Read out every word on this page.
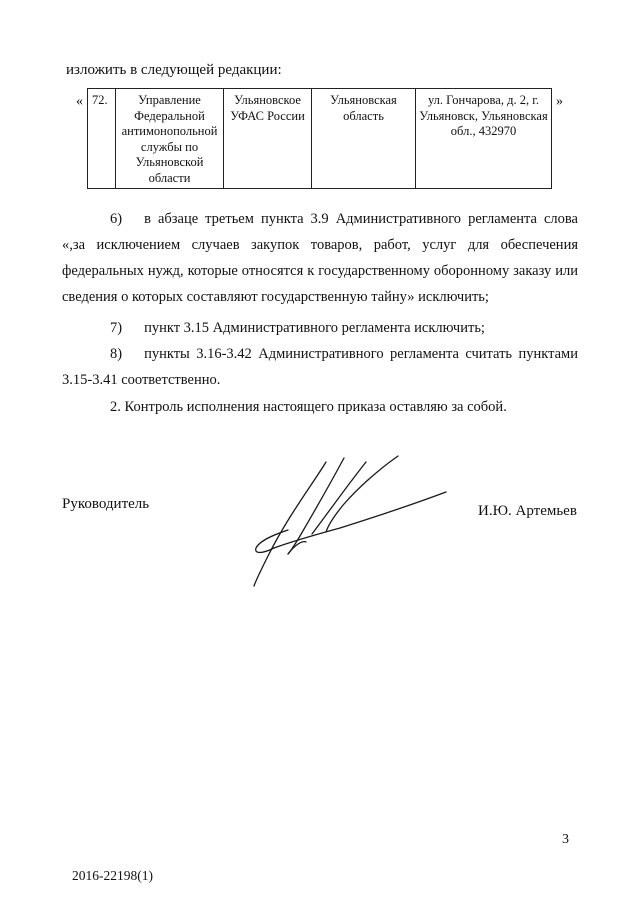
изложить в следующей редакции:
« 72.	Управление Федеральной антимонопольной службы по Ульяновской области	Ульяновское УФАС России	Ульяновская область	ул. Гончарова, д. 2, г. Ульяновск, Ульяновская обл., 432970
»
6) в абзаце третьем пункта 3.9 Административного регламента слова «,за исключением случаев закупок товаров, работ, услуг для обеспечения федеральных нужд, которые относятся к государственному оборонному заказу или сведения о которых составляют государственную тайну» исключить;
7) пункт 3.15 Административного регламента исключить;
8) пункты 3.16-3.42 Административного регламента считать пунктами 3.15-3.41 соответственно.
2. Контроль исполнения настоящего приказа оставляю за собой.
Руководитель	И.Ю. Артемьев
3
2016-22198(1)
